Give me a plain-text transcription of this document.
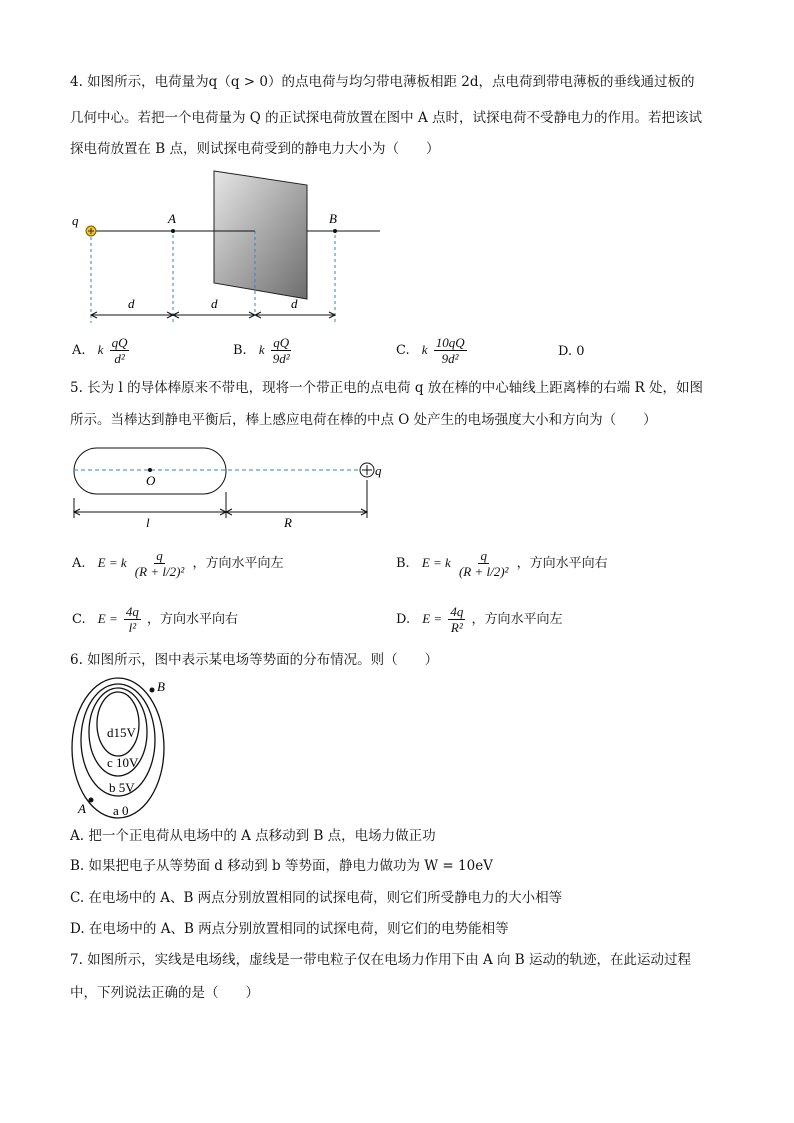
4. 如图所示，电荷量为q（q > 0）的点电荷与均匀带电薄板相距 2d，点电荷到带电薄板的垂线通过板的
几何中心。若把一个电荷量为 Q 的正试探电荷放置在图中 A 点时，试探电荷不受静电力的作用。若把该试
探电荷放置在 B 点，则试探电荷受到的静电力大小为（　　）
q	A	B
d	d	d
A. k $\frac{qQ}{\text{d²}}$	B. k $\frac{qQ}{\text{9d²}}$	C. k $\frac{10qQ}{\text{9d²}}$	D. 0
5. 长为 l 的导体棒原来不带电，现将一个带正电的点电荷 q 放在棒的中心轴线上距离棒的右端 R 处，如图
所示。当棒达到静电平衡后，棒上感应电荷在棒的中点 O 处产生的电场强度大小和方向为（　　）
O
q
l	R
A. E = k $\frac{q}{\text{(R + l/2)²}}$ ，方向水平向左	B. E = k $\frac{q}{\text{(R + l/2)²}}$ ，方向水平向右
C. $E = \frac{4q}{\text{l²}}$ ，方向水平向右	D. $E = \frac{4q}{\text{R²}}$ ，方向水平向左
6. 如图所示，图中表示某电场等势面的分布情况。则（　　）
B
A
d15V
c 10V
b 5V
a 0
A. 把一个正电荷从电场中的 A 点移动到 B 点，电场力做正功
B. 如果把电子从等势面 d 移动到 b 等势面，静电力做功为 W = 10eV
C. 在电场中的 A、B 两点分别放置相同的试探电荷，则它们所受静电力的大小相等
D. 在电场中的 A、B 两点分别放置相同的试探电荷，则它们的电势能相等
7. 如图所示，实线是电场线，虚线是一带电粒子仅在电场力作用下由 A 向 B 运动的轨迹，在此运动过程
中，下列说法正确的是（　　）
